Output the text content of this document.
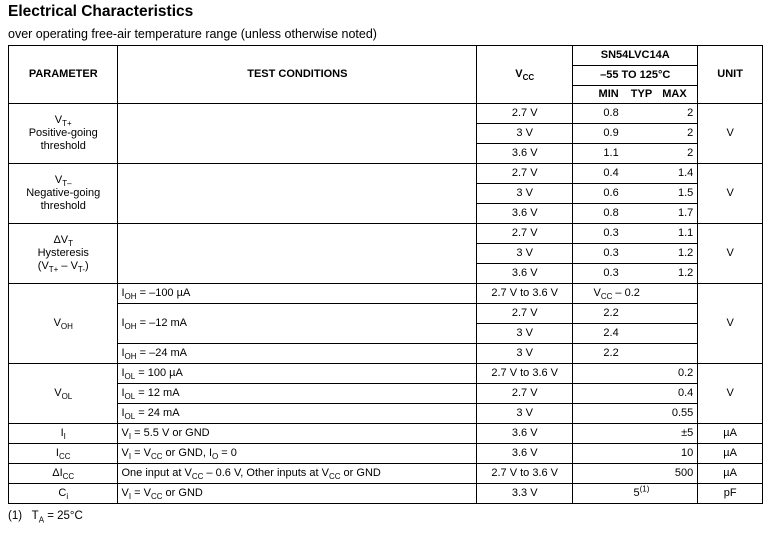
Electrical Characteristics
over operating free-air temperature range (unless otherwise noted)
PARAMETER	TEST CONDITIONS	$V_{CC}$	SN54LVC14A			UNIT
			–55 TO 125°C			
			MIN	TYP	MAX	
$V_{T+}$
Positive-going
threshold		2.7 V	0.8		2	V
		3 V	0.9		2	
		3.6 V	1.1		2	
$V_{T-}$
Negative-going
threshold		2.7 V	0.4		1.4	V
		3 V	0.6		1.5	
		3.6 V	0.8		1.7	
$\Delta V_T$
Hysteresis
$(V_{T+} - V_{T-})$		2.7 V	0.3		1.1	V
		3 V	0.3		1.2	
		3.6 V	0.3		1.2	
$V_{OH}$	$I_{OH} = -100$ µA	2.7 V to 3.6 V	$V_{CC} - 0.2$			V
	$I_{OH} = -12$ mA	2.7 V	2.2			
		3 V	2.4			
	$I_{OH} = -24$ mA	3 V	2.2			
$V_{OL}$	$I_{OL} = 100$ µA	2.7 V to 3.6 V			0.2	V
	$I_{OL} = 12$ mA	2.7 V			0.4	
	$I_{OL} = 24$ mA	3 V			0.55	
$I_I$	$V_I = 5.5$ V or GND	3.6 V			±5	µA
$I_{CC}$	$V_I = V_{CC}$ or GND, $I_O = 0$	3.6 V			10	µA
$\Delta I_{CC}$	One input at $V_{CC} - 0.6$ V, Other inputs at $V_{CC}$ or GND	2.7 V to 3.6 V			500	µA
$C_i$	$V_I = V_{CC}$ or GND	3.3 V		5$^{(1)}$		pF
(1) $T_A = 25^\circ C$
